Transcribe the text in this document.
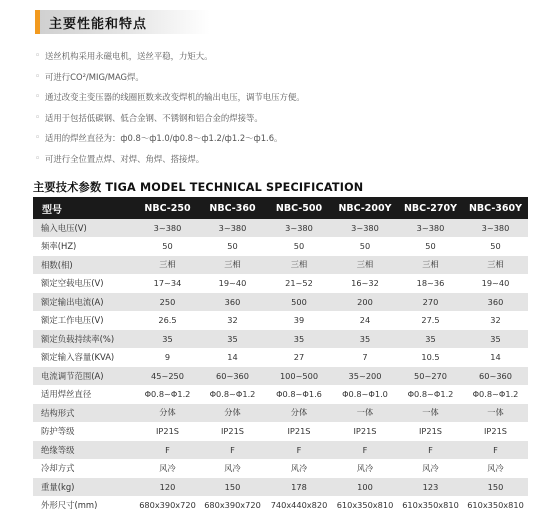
主要性能和特点
◦ 送丝机构采用永磁电机，送丝平稳，力矩大。
◦ 可进行CO²/MIG/MAG焊。
◦ 通过改变主变压器的线圈匝数来改变焊机的输出电压，调节电压方便。
◦ 适用于包括低碳钢、低合金钢、不锈钢和铝合金的焊接等。
◦ 适用的焊丝直径为：ф0.8～ф1.0/ф0.8～ф1.2/ф1.2～ф1.6。
◦ 可进行全位置点焊、对焊、角焊、搭接焊。
主要技术参数 TIGA MODEL TECHNICAL SPECIFICATION
型号	NBC-250	NBC-360	NBC-500	NBC-200Y	NBC-270Y	NBC-360Y
输入电压(V)	3~380	3~380	3~380	3~380	3~380	3~380
频率(HZ)	50	50	50	50	50	50
相数(相)	三相	三相	三相	三相	三相	三相
额定空载电压(V)	17~34	19~40	21~52	16~32	18~36	19~40
额定输出电流(A)	250	360	500	200	270	360
额定工作电压(V)	26.5	32	39	24	27.5	32
额定负载持续率(%)	35	35	35	35	35	35
额定输入容量(KVA)	9	14	27	7	10.5	14
电流调节范围(A)	45~250	60~360	100~500	35~200	50~270	60~360
适用焊丝直径	Φ0.8~Φ1.2	Φ0.8~Φ1.2	Φ0.8~Φ1.6	Φ0.8~Φ1.0	Φ0.8~Φ1.2	Φ0.8~Φ1.2
结构形式	分体	分体	分体	一体	一体	一体
防护等级	IP21S	IP21S	IP21S	IP21S	IP21S	IP21S
绝缘等级	F	F	F	F	F	F
冷却方式	风冷	风冷	风冷	风冷	风冷	风冷
重量(kg)	120	150	178	100	123	150
外形尺寸(mm)	680x390x720	680x390x720	740x440x820	610x350x810	610x350x810	610x350x810
